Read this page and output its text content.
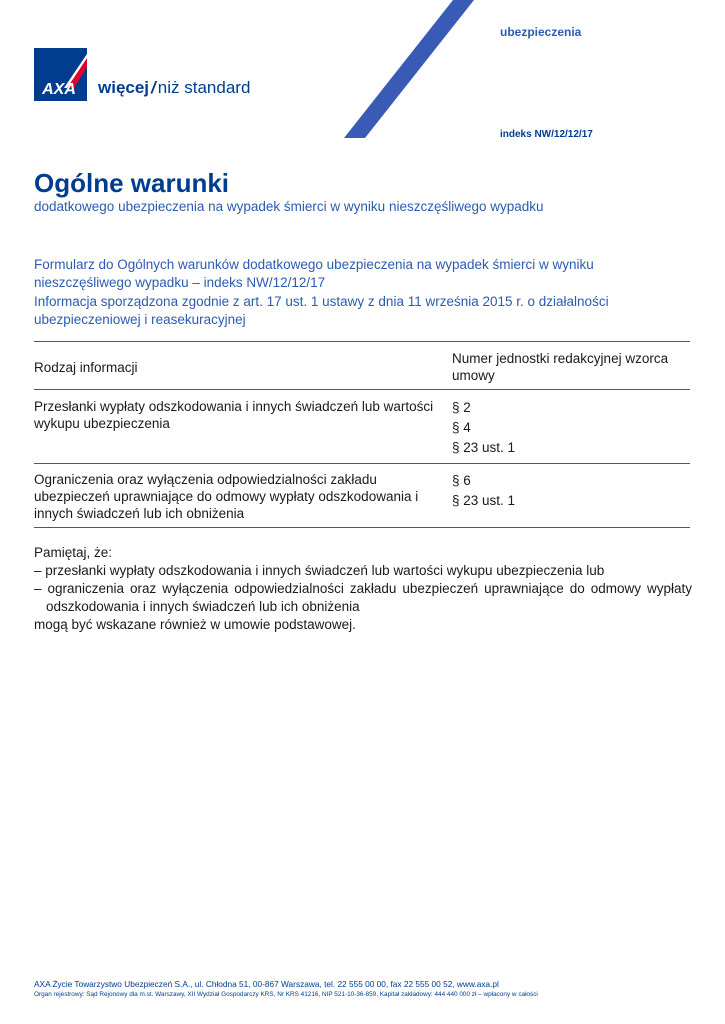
AXA więcej / niż standard
ubezpieczenia
indeks NW/12/12/17
Ogólne warunki
dodatkowego ubezpieczenia na wypadek śmierci w wyniku nieszczęśliwego wypadku

Formularz do Ogólnych warunków dodatkowego ubezpieczenia na wypadek śmierci w wyniku nieszczęśliwego wypadku – indeks NW/12/12/17

Informacja sporządzona zgodnie z art. 17 ust. 1 ustawy z dnia 11 września 2015 r. o działalności ubezpieczeniowej i reasekuracyjnej

Rodzaj informacji
Numer jednostki redakcyjnej wzorca umowy
Przesłanki wypłaty odszkodowania i innych świadczeń lub wartości wykupu ubezpieczenia
§ 2
§ 4
§ 23 ust. 1
Ograniczenia oraz wyłączenia odpowiedzialności zakładu ubezpieczeń uprawniające do odmowy wypłaty odszkodowania i innych świadczeń lub ich obniżenia
§ 6
§ 23 ust. 1

Pamiętaj, że:

– przesłanki wypłaty odszkodowania i innych świadczeń lub wartości wykupu ubezpieczenia lub

– ograniczenia oraz wyłączenia odpowiedzialności zakładu ubezpieczeń uprawniające do odmowy wypłaty odszkodowania i innych świadczeń lub ich obniżenia

mogą być wskazane również w umowie podstawowej.

AXA Życie Towarzystwo Ubezpieczeń S.A., ul. Chłodna 51, 00-867 Warszawa, tel. 22 555 00 00, fax 22 555 00 52, www.axa.pl
Organ rejestrowy: Sąd Rejonowy dla m.st. Warszawy, XII Wydział Gospodarczy KRS, Nr KRS 41216, NIP 521-10-36-859, Kapitał zakładowy: 444 440 000 zł – wpłacony w całości
